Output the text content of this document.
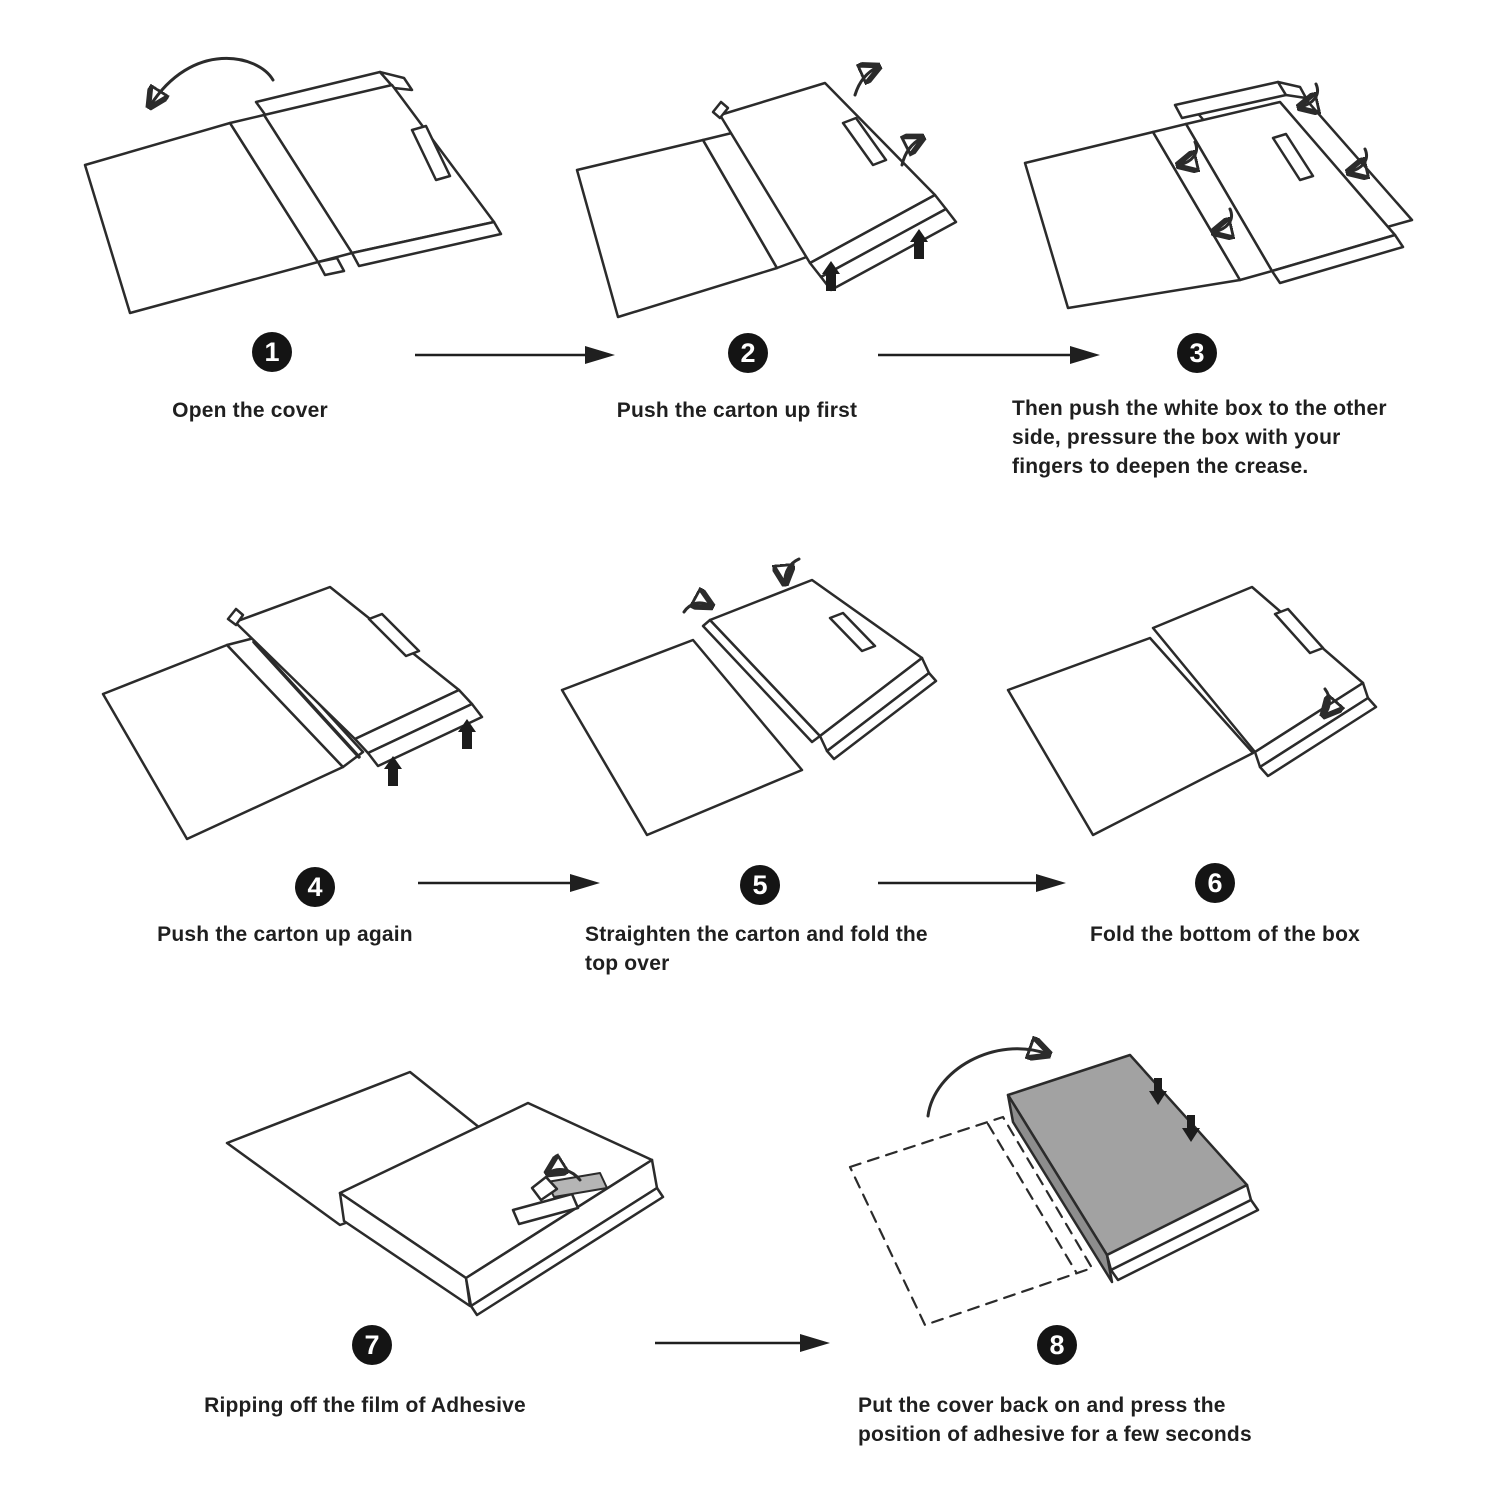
1	2	3
4	5	6
7	8
Open the cover	Push the carton up first	Then push the white box to the other side, pressure the box with your fingers to deepen the crease.
Push the carton up again	Straighten the carton and fold the top over
Fold the bottom of the box
Ripping off the film of Adhesive	Put the cover back on and press the position of adhesive for a few seconds
